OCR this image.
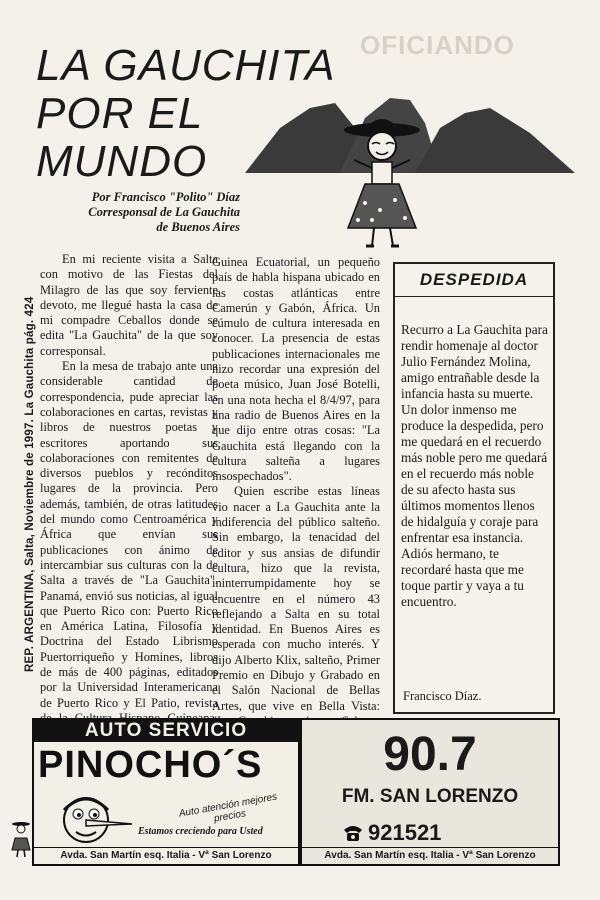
REP. ARGENTINA, Salta, Noviembre de 1997. La Gauchita pág. 424
OFICIANDO
LA GAUCHITA
POR EL
MUNDO
Por Francisco "Polito" Díaz
Corresponsal de La Gauchita
de Buenos Aires

En mi reciente visita a Salta con motivo de las Fiestas del Milagro de las que soy ferviente devoto, me llegué hasta la casa de mi compadre Ceballos donde se edita "La Gauchita" de la que soy corresponsal.

En la mesa de trabajo ante una considerable cantidad de correspondencia, pude apreciar las colaboraciones en cartas, revistas y libros de nuestros poetas y escritores aportando sus colaboraciones con remitentes de diversos pueblos y recónditos lugares de la provincia. Pero además, también, de otras latitudes del mundo como Centroamérica y África que envían sus publicaciones con ánimo de intercambiar sus culturas con la de Salta a través de "La Gauchita". Panamá, envió sus noticias, al igual que Puerto Rico con: Puerto Rico en América Latina, Filosofía y Doctrina del Estado Librismo Puertorriqueño y Homines, libros de más de 400 páginas, editados por la Universidad Interamericana de Puerto Rico y El Patio, revista

Guinea Ecuatorial, un pequeño país de habla hispana ubicado en las costas atlánticas entre Camerún y Gabón, África. Un cúmulo de cultura interesada en conocer. La presencia de estas publicaciones internacionales me hizo recordar una expresión del poeta músico, Juan José Botelli, en una nota hecha el 8/4/97, para una radio de Buenos Aires en la que dijo entre otras cosas: "La Gauchita está llegando con la cultura salteña a lugares insospechados".

Quien escribe estas líneas vio nacer a La Gauchita ante la indiferencia del público salteño. Sin embargo, la tenacidad del editor y sus ansias de difundir cultura, hizo que la revista, ininterrumpidamente hoy se encuentre en el número 43 reflejando a Salta en su total identidad. En Buenos Aires es esperada con mucho interés. Y dijo Alberto Klix, salteño, Primer Premio en Dibujo y Grabado en el Salón Nacional de Bellas Artes, que vive en Bella Vista:

DESPEDIDA

Recurro a La Gauchita para rendir homenaje al doctor Julio Fernández Molina, amigo entrañable desde la infancia hasta su muerte.

Un dolor inmenso me produce la despedida, pero me quedará en el recuerdo más noble pero me quedará en el recuerdo más noble de su afecto hasta sus últimos momentos llenos de hidalguía y coraje para enfrentar esa instancia.

Adiós hermano, te recordaré hasta que me toque partir y vaya a tu encuentro.

Francisco Díaz.
AUTO SERVICIO
PINOCHO´S
Auto atención mejores precios
Estamos creciendo para Usted
Avda. San Martín esq. Italia - Vª San Lorenzo
90.7
FM. SAN LORENZO
921521
Avda. San Martín esq. Italia - Vª San Lorenzo
